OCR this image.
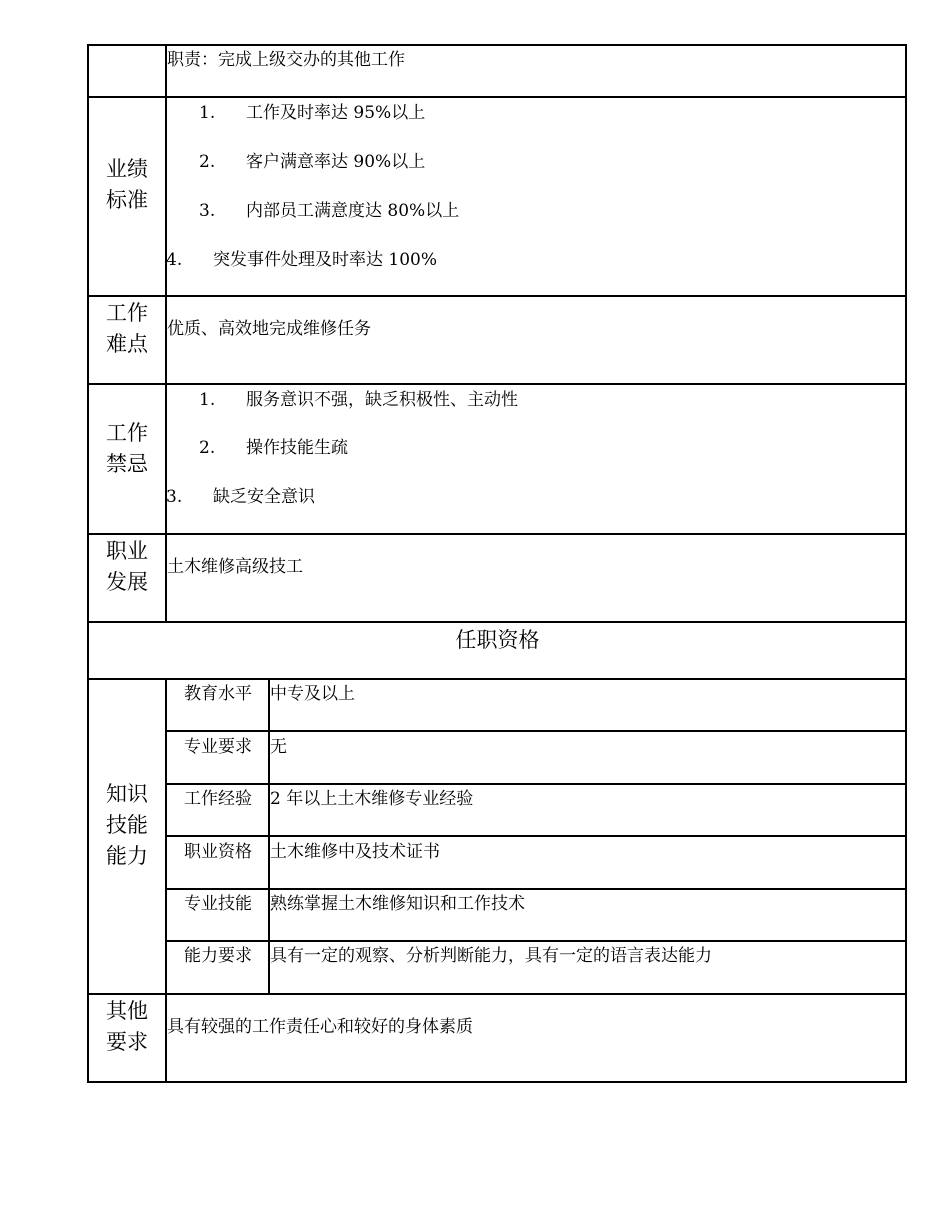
职责：完成上级交办的其他工作
业绩
标准
1. 工作及时率达 95%以上
2. 客户满意率达 90%以上
3. 内部员工满意度达 80%以上
4. 突发事件处理及时率达 100%
工作
难点
优质、高效地完成维修任务
工作
禁忌
1. 服务意识不强，缺乏积极性、主动性
2. 操作技能生疏
3. 缺乏安全意识
职业
发展
土木维修高级技工
任职资格
知识
技能
能力
教育水平	中专及以上
专业要求	无
工作经验	2 年以上土木维修专业经验
职业资格	土木维修中及技术证书
专业技能	熟练掌握土木维修知识和工作技术
能力要求	具有一定的观察、分析判断能力，具有一定的语言表达能力
其他
要求
具有较强的工作责任心和较好的身体素质
